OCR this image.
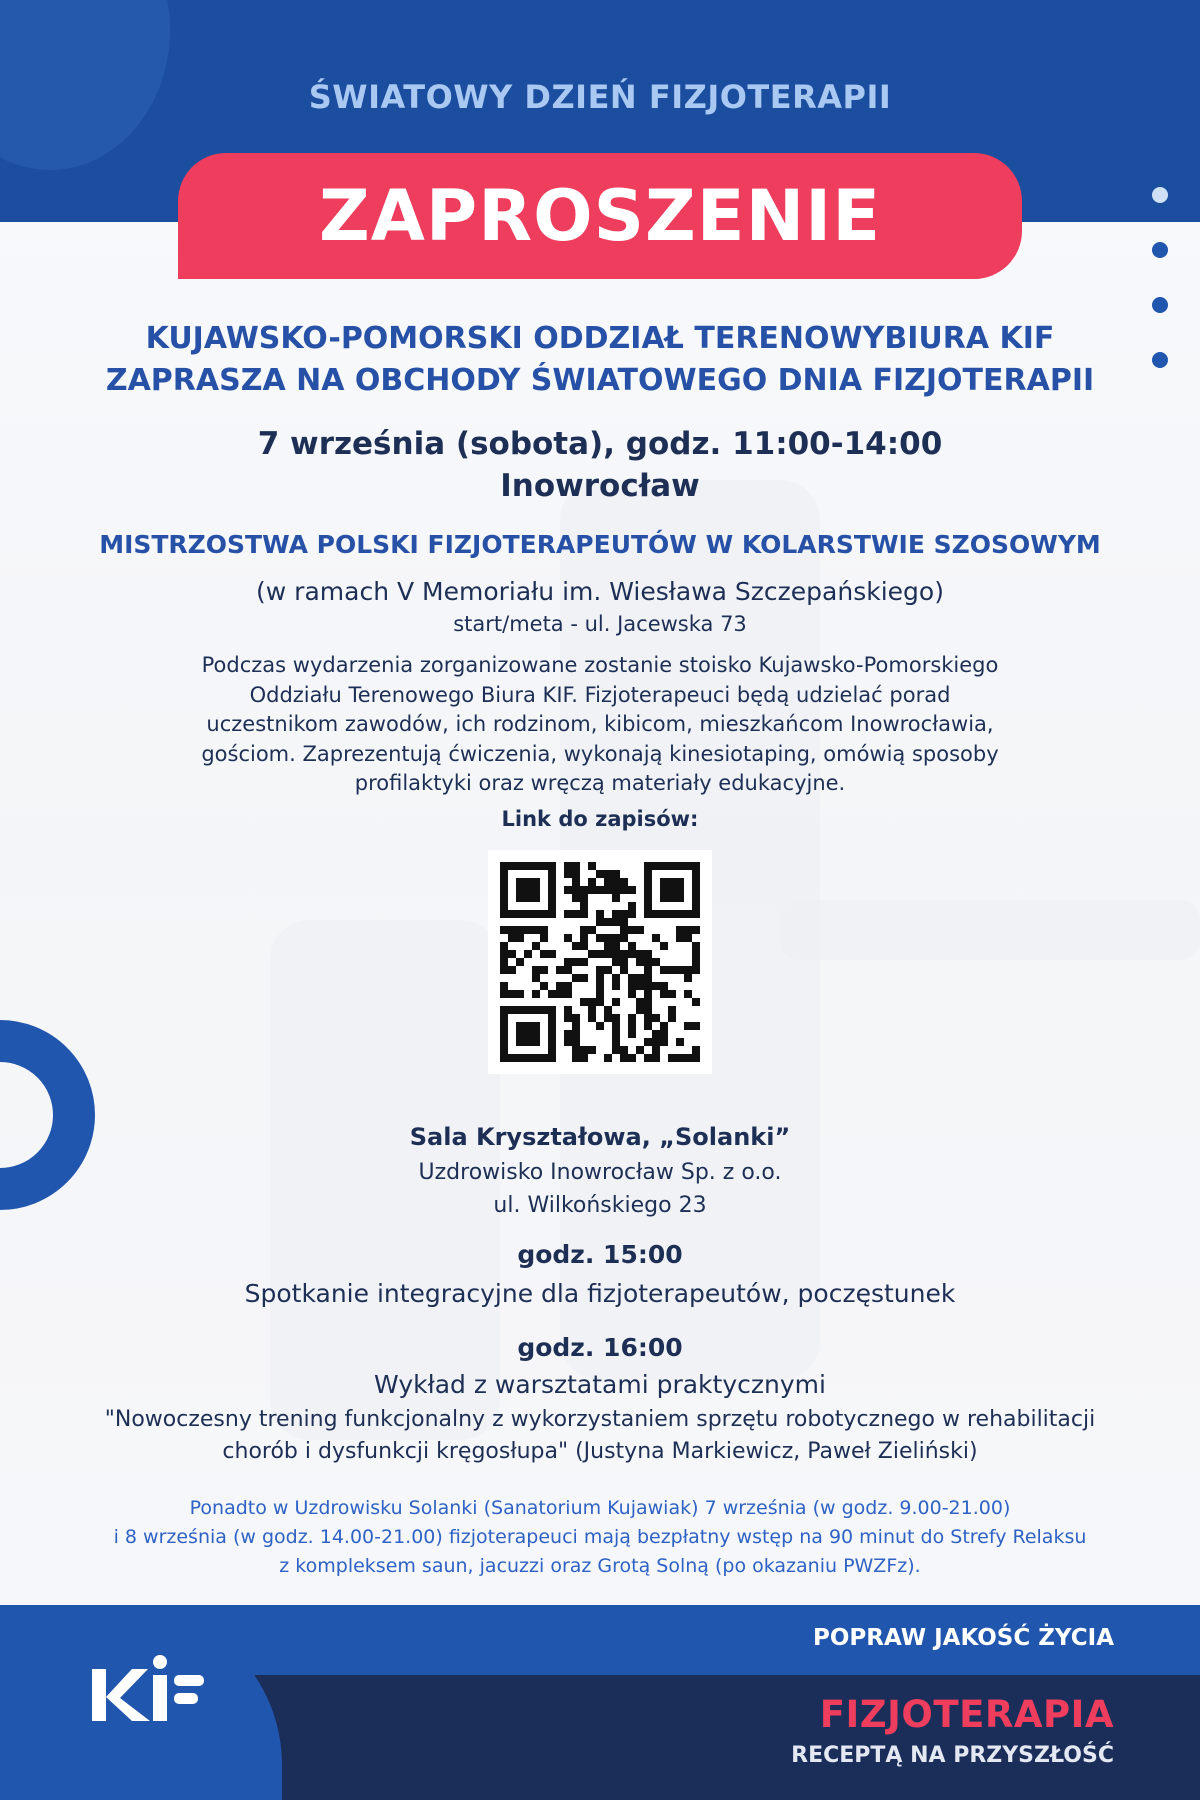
ŚWIATOWY DZIEŃ FIZJOTERAPII
ZAPROSZENIE
KUJAWSKO-POMORSKI ODDZIAŁ TERENOWYBIURA KIF
ZAPRASZA NA OBCHODY ŚWIATOWEGO DNIA FIZJOTERAPII
7 września (sobota), godz. 11:00-14:00
Inowrocław
MISTRZOSTWA POLSKI FIZJOTERAPEUTÓW W KOLARSTWIE SZOSOWYM
(w ramach V Memoriału im. Wiesława Szczepańskiego)
start/meta - ul. Jacewska 73
Podczas wydarzenia zorganizowane zostanie stoisko Kujawsko-Pomorskiego
Oddziału Terenowego Biura KIF. Fizjoterapeuci będą udzielać porad
uczestnikom zawodów, ich rodzinom, kibicom, mieszkańcom Inowrocławia,
gościom. Zaprezentują ćwiczenia, wykonają kinesiotaping, omówią sposoby
profilaktyki oraz wręczą materiały edukacyjne.
Link do zapisów:
Sala Kryształowa, „Solanki”
Uzdrowisko Inowrocław Sp. z o.o.
ul. Wilkońskiego 23
godz. 15:00
Spotkanie integracyjne dla fizjoterapeutów, poczęstunek
godz. 16:00
Wykład z warsztatami praktycznymi
"Nowoczesny trening funkcjonalny z wykorzystaniem sprzętu robotycznego w rehabilitacji
chorób i dysfunkcji kręgosłupa" (Justyna Markiewicz, Paweł Zieliński)
Ponadto w Uzdrowisku Solanki (Sanatorium Kujawiak) 7 września (w godz. 9.00-21.00)
i 8 września (w godz. 14.00-21.00) fizjoterapeuci mają bezpłatny wstęp na 90 minut do Strefy Relaksu
z kompleksem saun, jacuzzi oraz Grotą Solną (po okazaniu PWZFz).
POPRAW JAKOŚĆ ŻYCIA
FIZJOTERAPIA
RECEPTĄ NA PRZYSZŁOŚĆ
